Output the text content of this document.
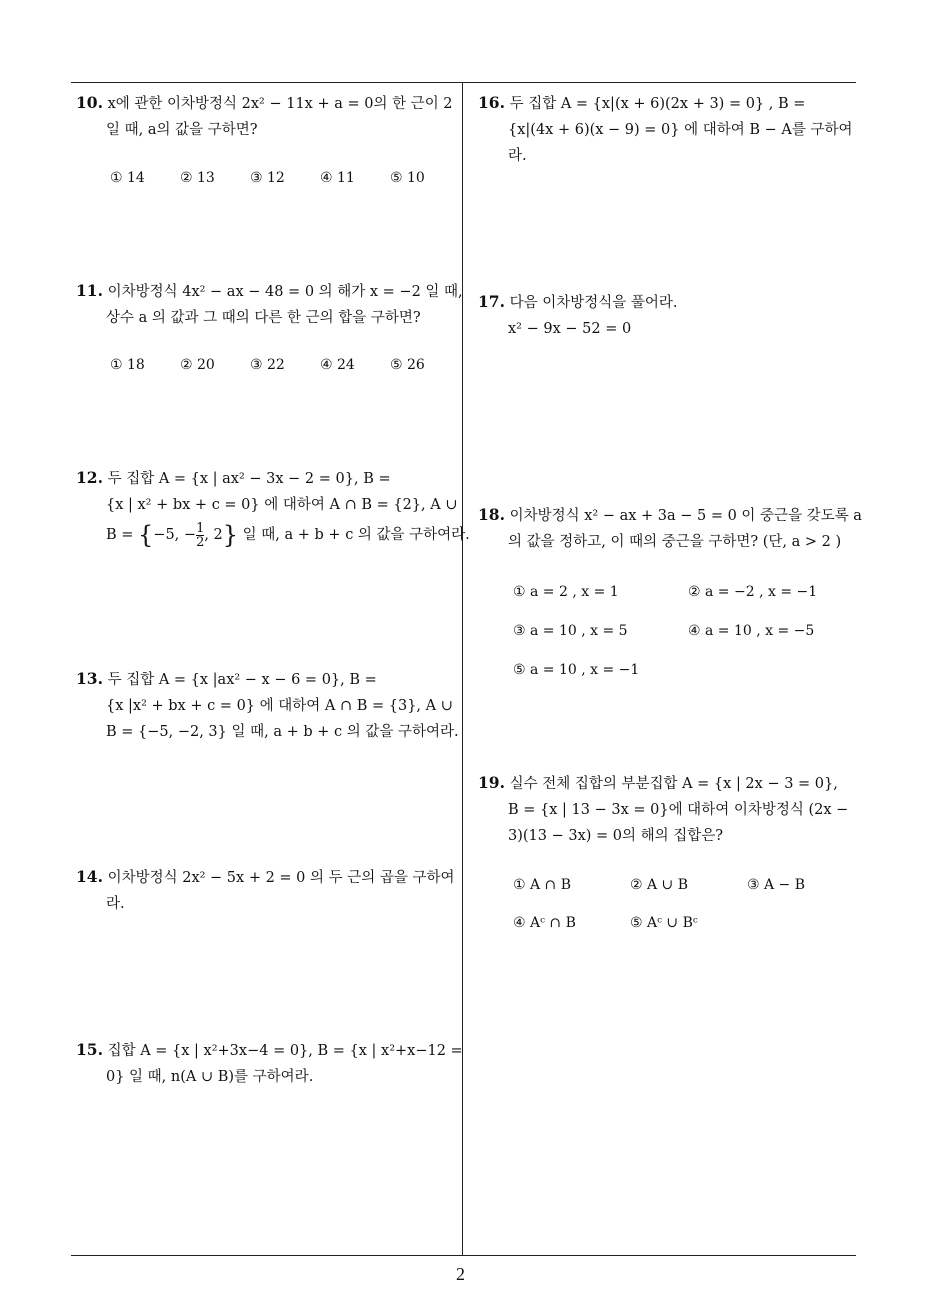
10. x에 관한 이차방정식 2x² − 11x + a = 0의 한 근이 2
일 때, a의 값을 구하면?
① 14	② 13	③ 12	④ 11	⑤ 10
11. 이차방정식 4x² − ax − 48 = 0 의 해가 x = −2 일 때,
상수 a 의 값과 그 때의 다른 한 근의 합을 구하면?
① 18	② 20	③ 22	④ 24	⑤ 26
12. 두 집합 A = {x | ax² − 3x − 2 = 0}, B =
{x | x² + bx + c = 0} 에 대하여 A ∩ B = {2}, A ∪
B = {−5, − $\frac{1}{2}$ , 2} 일 때, a + b + c 의 값을 구하여라.
13. 두 집합 A = {x |ax² − x − 6 = 0}, B =
{x |x² + bx + c = 0} 에 대하여 A ∩ B = {3}, A ∪
B = {−5, −2, 3} 일 때, a + b + c 의 값을 구하여라.
14. 이차방정식 2x² − 5x + 2 = 0 의 두 근의 곱을 구하여
라.
15. 집합 A = {x | x²+3x−4 = 0}, B = {x | x²+x−12 =
0} 일 때, n(A ∪ B)를 구하여라.
16. 두 집합 A = {x|(x + 6)(2x + 3) = 0} , B =
{x|(4x + 6)(x − 9) = 0} 에 대하여 B − A를 구하여
라.
17. 다음 이차방정식을 풀어라.
x² − 9x − 52 = 0
18. 이차방정식 x² − ax + 3a − 5 = 0 이 중근을 갖도록 a
의 값을 정하고, 이 때의 중근을 구하면? (단, a > 2 )
① a = 2 , x = 1	② a = −2 , x = −1
③ a = 10 , x = 5	④ a = 10 , x = −5
⑤ a = 10 , x = −1
19. 실수 전체 집합의 부분집합 A = {x | 2x − 3 = 0},
B = {x | 13 − 3x = 0}에 대하여 이차방정식 (2x −
3)(13 − 3x) = 0의 해의 집합은?
① A ∩ B	② A ∪ B	③ A − B
④ Aᶜ ∩ B	⑤ Aᶜ ∪ Bᶜ
2
